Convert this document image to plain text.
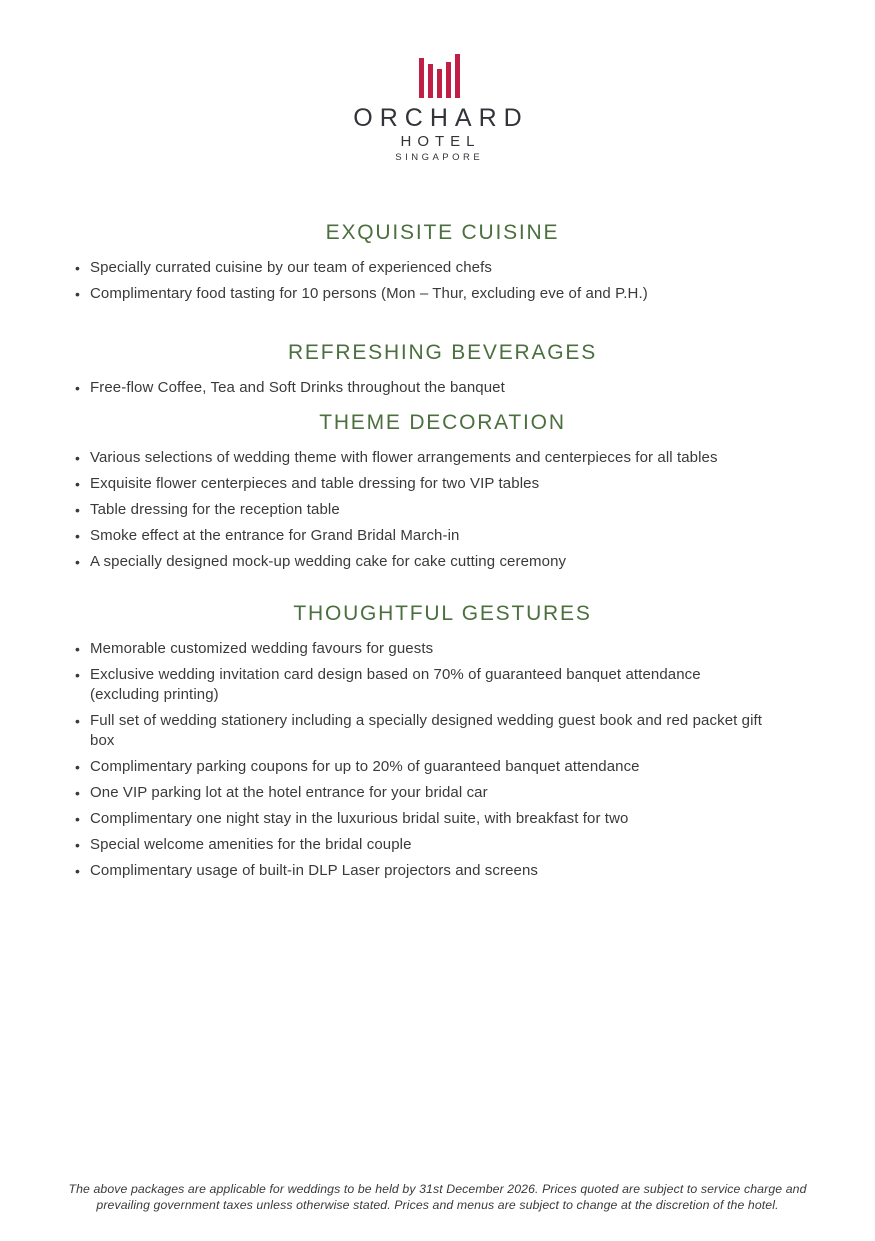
ORCHARD
HOTEL
SINGAPORE
EXQUISITE CUISINE
• Specially currated cuisine by our team of experienced chefs
• Complimentary food tasting for 10 persons (Mon – Thur, excluding eve of and P.H.)
REFRESHING BEVERAGES
• Free-flow Coffee, Tea and Soft Drinks throughout the banquet
THEME DECORATION
• Various selections of wedding theme with flower arrangements and centerpieces for all tables
• Exquisite flower centerpieces and table dressing for two VIP tables
• Table dressing for the reception table
• Smoke effect at the entrance for Grand Bridal March-in
• A specially designed mock-up wedding cake for cake cutting ceremony
THOUGHTFUL GESTURES
• Memorable customized wedding favours for guests
• Exclusive wedding invitation card design based on 70% of guaranteed banquet attendance (excluding printing)
• Full set of wedding stationery including a specially designed wedding guest book and red packet gift box
• Complimentary parking coupons for up to 20% of guaranteed banquet attendance
• One VIP parking lot at the hotel entrance for your bridal car
• Complimentary one night stay in the luxurious bridal suite, with breakfast for two
• Special welcome amenities for the bridal couple
• Complimentary usage of built-in DLP Laser projectors and screens
The above packages are applicable for weddings to be held by 31st December 2026. Prices quoted are subject to service charge and prevailing government taxes unless otherwise stated. Prices and menus are subject to change at the discretion of the hotel.
